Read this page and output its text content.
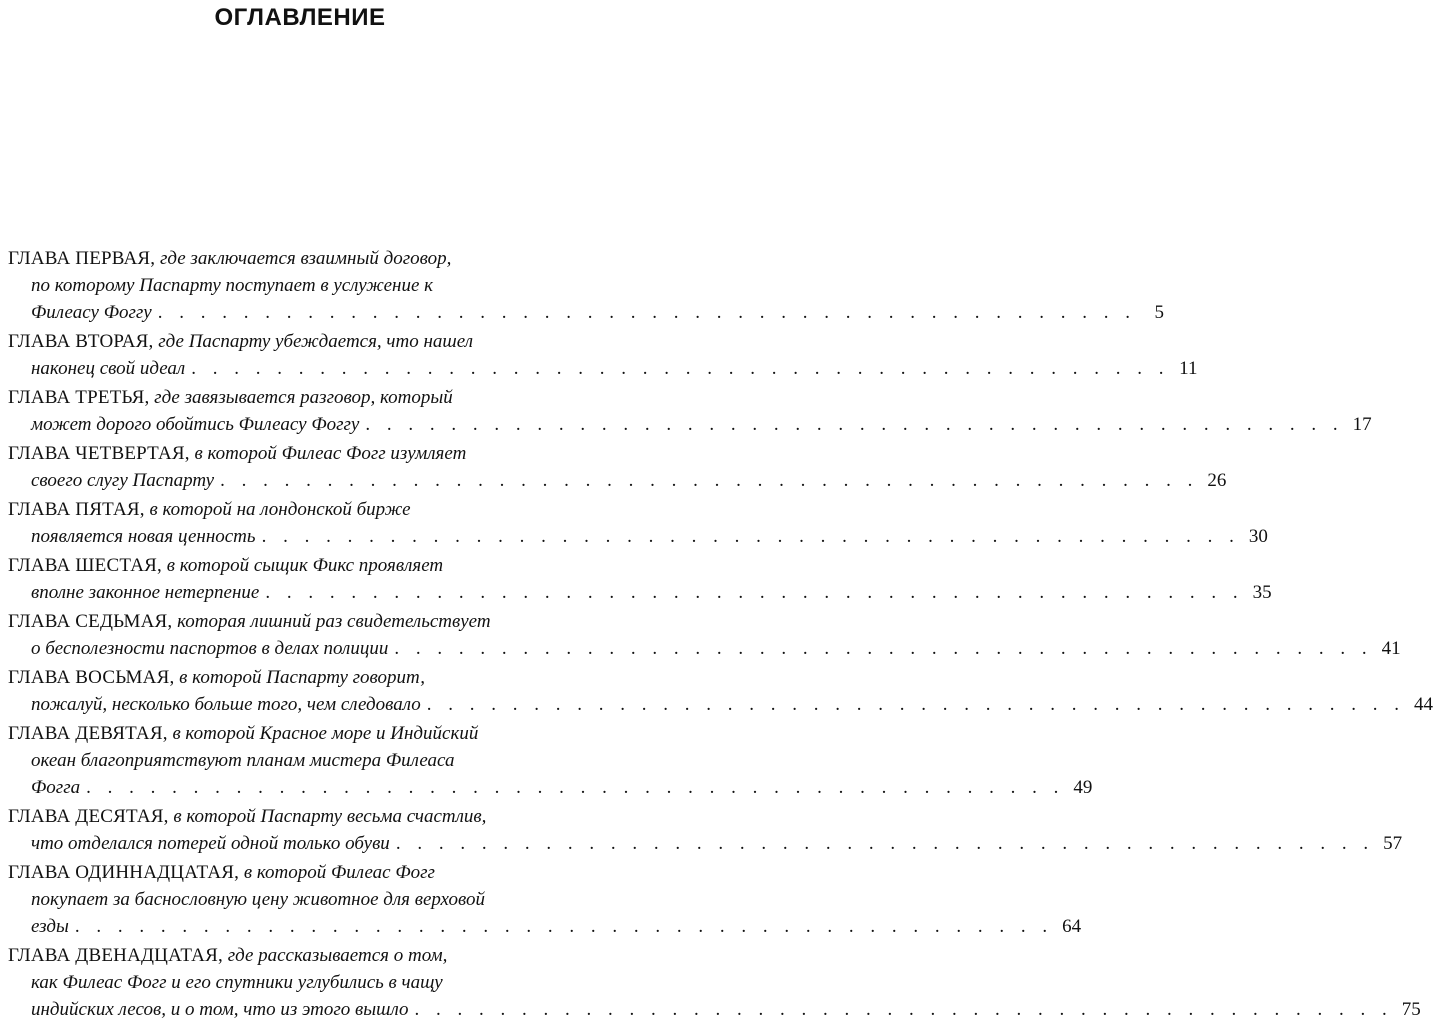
ОГЛАВЛЕНИЕ
ГЛАВА ПЕРВАЯ, где заключается взаимный договор,
по которому Паспарту поступает в услужение к
Филеасу Фоггу . . . . . . . . . . . . . . . . . . . . . . . . . . . . . . . . . . . . . . . . . . . . . . 5
ГЛАВА ВТОРАЯ, где Паспарту убеждается, что нашел
наконец свой идеал . . . . . . . . . . . . . . . . . . . . . . . . . . . . . . . . . . . . . . . . . . . . . . 11
ГЛАВА ТРЕТЬЯ, где завязывается разговор, который
может дорого обойтись Филеасу Фоггу . . . . . . . . . . . . . . . . . . . . . . . . . . . . . . . . . . . . . . . . . . . . . . 17
ГЛАВА ЧЕТВЕРТАЯ, в которой Филеас Фогг изумляет
своего слугу Паспарту . . . . . . . . . . . . . . . . . . . . . . . . . . . . . . . . . . . . . . . . . . . . . . 26
ГЛАВА ПЯТАЯ, в которой на лондонской бирже
появляется новая ценность . . . . . . . . . . . . . . . . . . . . . . . . . . . . . . . . . . . . . . . . . . . . . . 30
ГЛАВА ШЕСТАЯ, в которой сыщик Фикс проявляет
вполне законное нетерпение . . . . . . . . . . . . . . . . . . . . . . . . . . . . . . . . . . . . . . . . . . . . . . 35
ГЛАВА СЕДЬМАЯ, которая лишний раз свидетельствует
о бесполезности паспортов в делах полиции . . . . . . . . . . . . . . . . . . . . . . . . . . . . . . . . . . . . . . . . . . . . . . 41
ГЛАВА ВОСЬМАЯ, в которой Паспарту говорит,
пожалуй, несколько больше того, чем следовало . . . . . . . . . . . . . . . . . . . . . . . . . . . . . . . . . . . . . . . . . . . . . . 44
ГЛАВА ДЕВЯТАЯ, в которой Красное море и Индийский
океан благоприятствуют планам мистера Филеаса
Фогга . . . . . . . . . . . . . . . . . . . . . . . . . . . . . . . . . . . . . . . . . . . . . . 49
ГЛАВА ДЕСЯТАЯ, в которой Паспарту весьма счастлив,
что отделался потерей одной только обуви . . . . . . . . . . . . . . . . . . . . . . . . . . . . . . . . . . . . . . . . . . . . . . 57
ГЛАВА ОДИННАДЦАТАЯ, в которой Филеас Фогг
покупает за баснословную цену животное для верховой
езды . . . . . . . . . . . . . . . . . . . . . . . . . . . . . . . . . . . . . . . . . . . . . . 64
ГЛАВА ДВЕНАДЦАТАЯ, где рассказывается о том,
как Филеас Фогг и его спутники углубились в чащу
индийских лесов, и о том, что из этого вышло . . . . . . . . . . . . . . . . . . . . . . . . . . . . . . . . . . . . . . . . . . . . . . 75
